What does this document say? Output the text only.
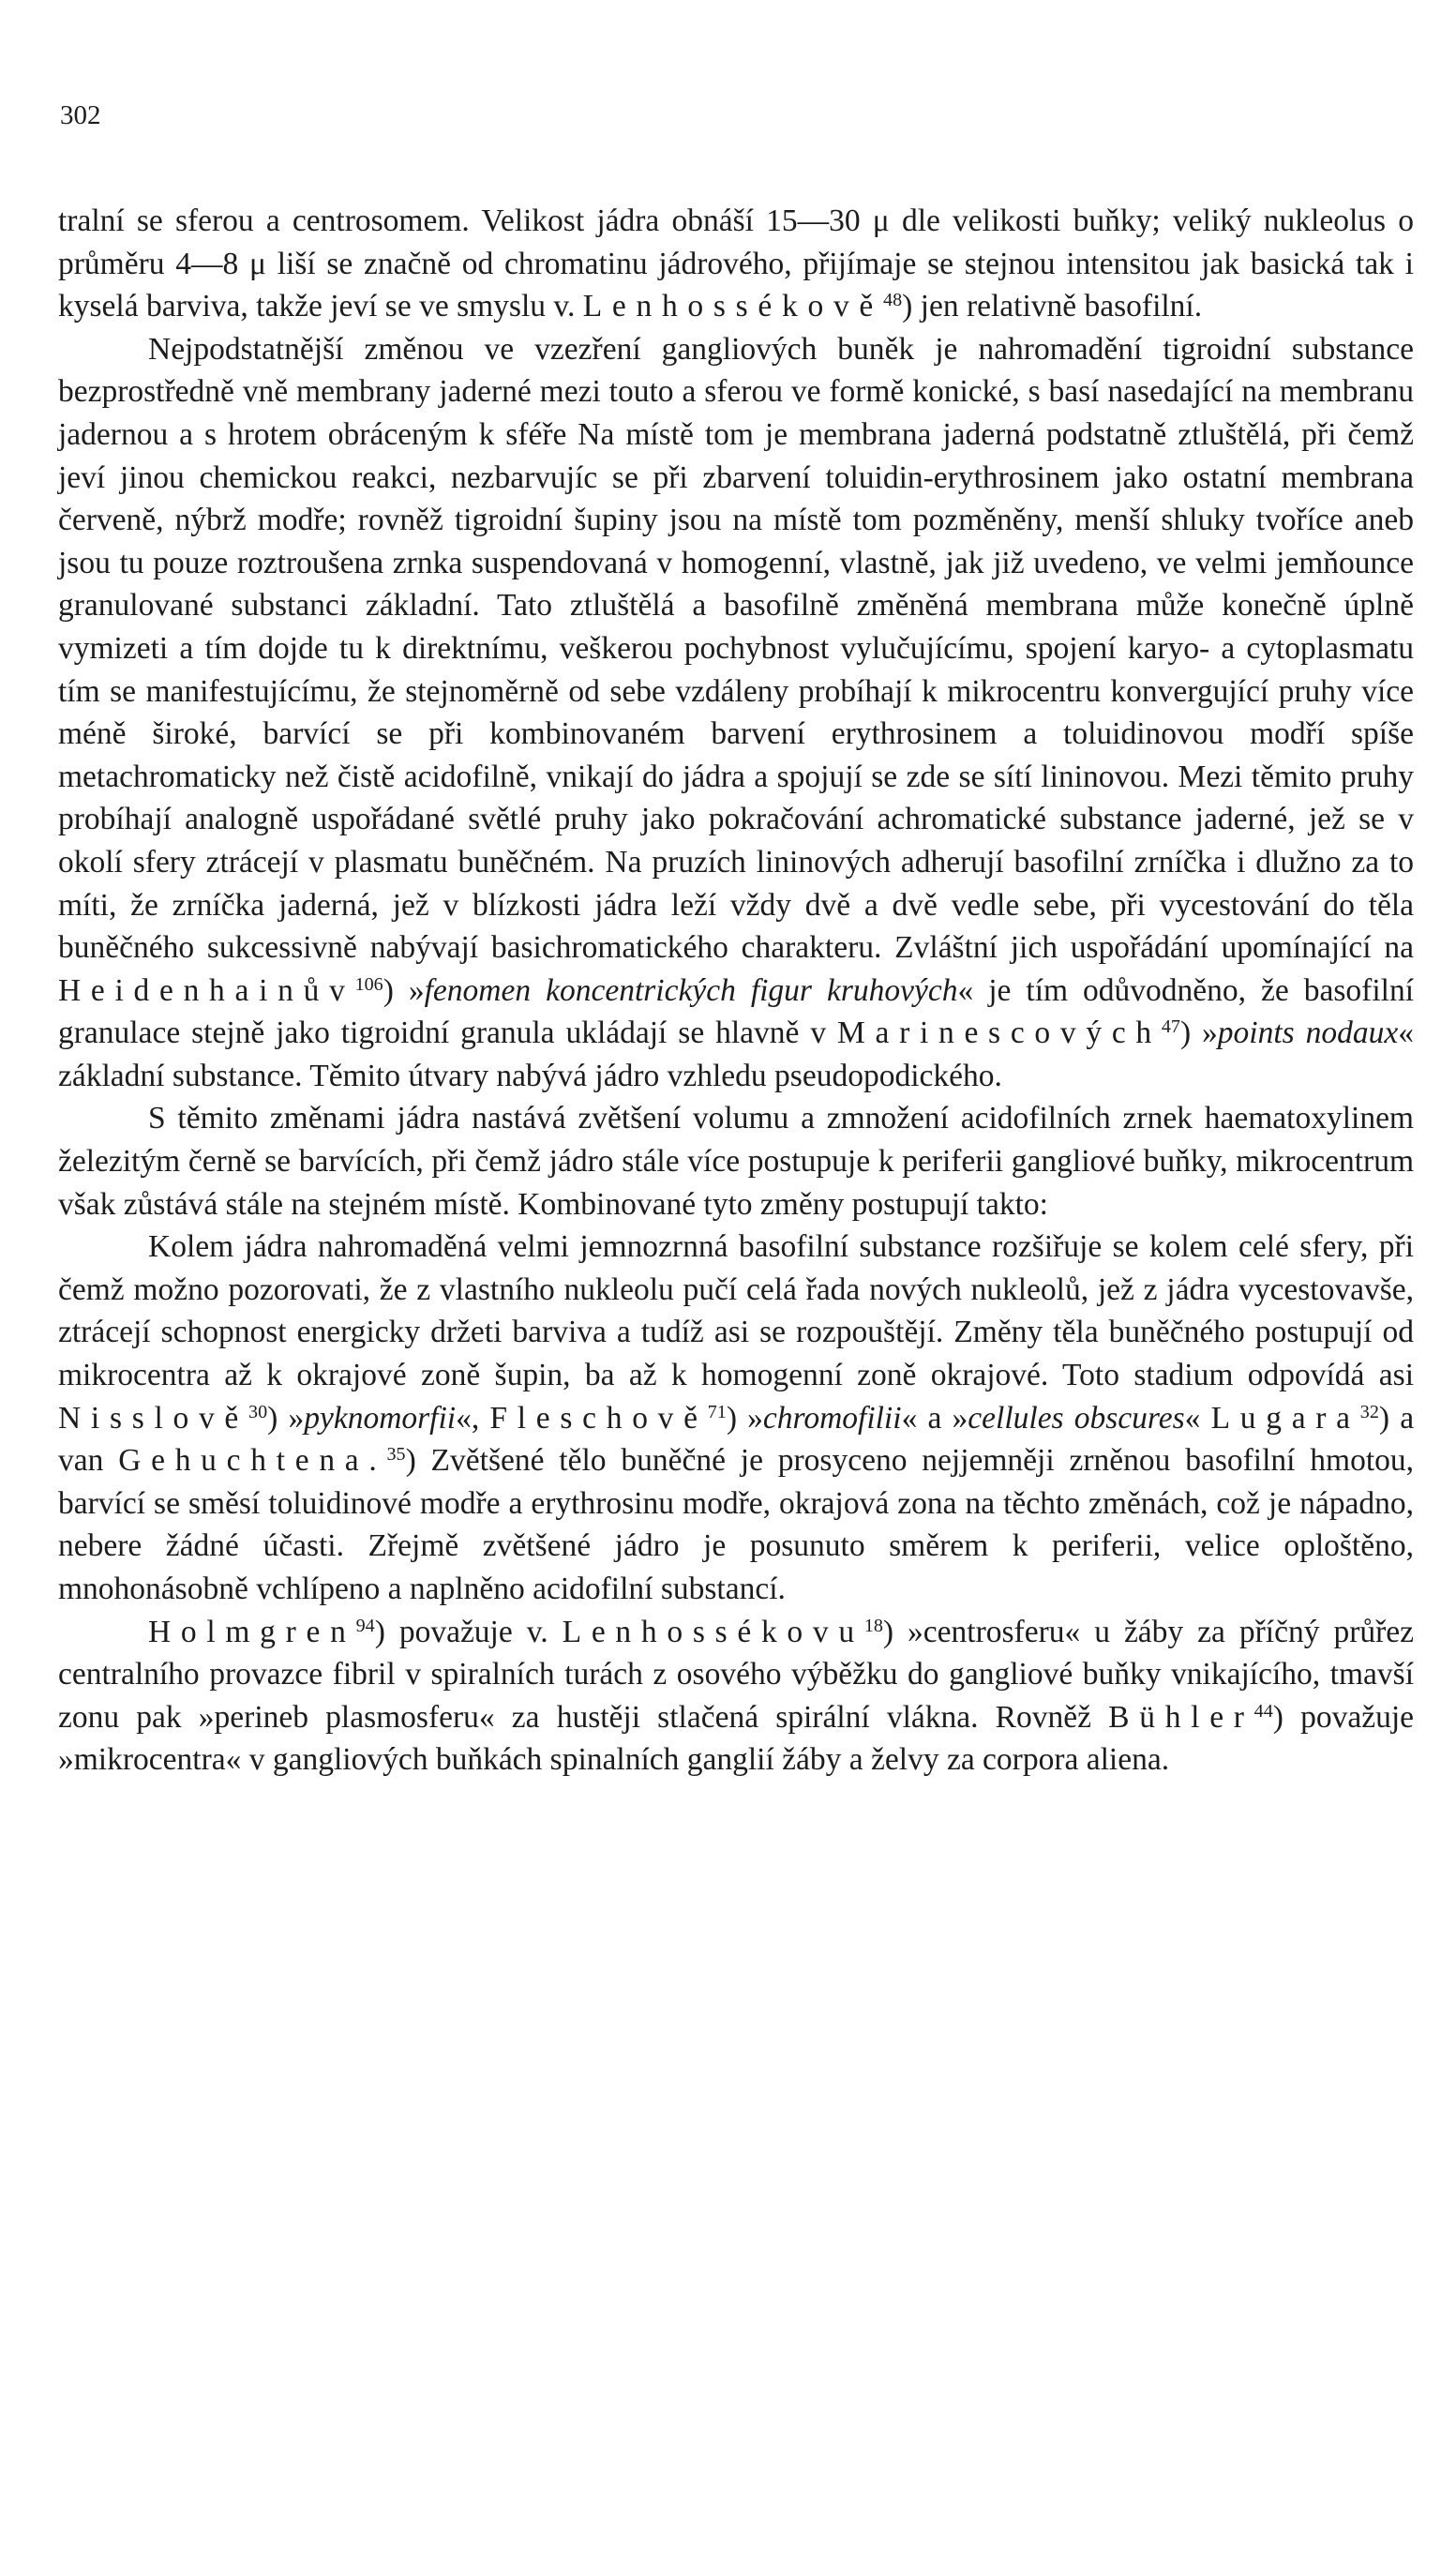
302

tralní se sferou a centrosomem. Velikost jádra obnáší 15—30 μ dle velikosti buňky; veliký nukleolus o průměru 4—8 μ liší se značně od chromatinu jádrového, přijímaje se stejnou intensitou jak basická tak i kyselá barviva, takže jeví se ve smyslu v. Lenhossékově$^{48}$) jen relativně basofilní.

Nejpodstatnější změnou ve vzezření gangliových buněk je nahromadění tigroidní substance bezprostředně vně membrany jaderné mezi touto a sferou ve formě konické, s basí nasedající na membranu jadernou a s hrotem obráceným k sféře Na místě tom je membrana jaderná podstatně ztluštělá, při čemž jeví jinou chemickou reakci, nezbarvujíc se při zbarvení toluidin-erythrosinem jako ostatní membrana červeně, nýbrž modře; rovněž tigroidní šupiny jsou na místě tom pozměněny, menší shluky tvoříce aneb jsou tu pouze roztroušena zrnka suspendovaná v homogenní, vlastně, jak již uvedeno, ve velmi jemňounce granulované substanci základní. Tato ztluštělá a basofilně změněná membrana může konečně úplně vymizeti a tím dojde tu k direktnímu, veškerou pochybnost vylučujícímu, spojení karyo- a cytoplasmatu tím se manifestujícímu, že stejnoměrně od sebe vzdáleny probíhají k mikrocentru konvergující pruhy více méně široké, barvící se při kombinovaném barvení erythrosinem a toluidinovou modří spíše metachromaticky než čistě acidofilně, vnikají do jádra a spojují se zde se sítí lininovou. Mezi těmito pruhy probíhají analogně uspořádané světlé pruhy jako pokračování achromatické substance jaderné, jež se v okolí sfery ztrácejí v plasmatu buněčném. Na pruzích lininových adherují basofilní zrníčka i dlužno za to míti, že zrníčka jaderná, jež v blízkosti jádra leží vždy dvě a dvě vedle sebe, při vycestování do těla buněčného sukcessivně nabývají basichromatického charakteru. Zvláštní jich uspořádání upomínající na Heidenhainův$^{106}$) »fenomen koncentrických figur kruhových« je tím odůvodněno, že basofilní granulace stejně jako tigroidní granula ukládají se hlavně v Marinescových$^{47}$) »points nodaux« základní substance. Těmito útvary nabývá jádro vzhledu pseudopodického.

S těmito změnami jádra nastává zvětšení volumu a zmnožení acidofilních zrnek haematoxylinem železitým černě se barvících, při čemž jádro stále více postupuje k periferii gangliové buňky, mikrocentrum však zůstává stále na stejném místě. Kombinované tyto změny postupují takto:

Kolem jádra nahromaděná velmi jemnozrnná basofilní substance rozšiřuje se kolem celé sfery, při čemž možno pozorovati, že z vlastního nukleolu pučí celá řada nových nukleolů, jež z jádra vycestovavše, ztrácejí schopnost energicky držeti barviva a tudíž asi se rozpouštějí. Změny těla buněčného postupují od mikrocentra až k okrajové zoně šupin, ba až k homogenní zoně okrajové. Toto stadium odpovídá asi Nisslově$^{30}$) »pyknomorfii«, Fleschově$^{71}$) »chromofilii« a »cellules obscures« Lugara$^{32}$) a van Gehuchtena.$^{35}$) Zvětšené tělo buněčné je prosyceno nejjemněji zrněnou basofilní hmotou, barvící se směsí toluidinové modře a erythrosinu modře, okrajová zona na těchto změnách, což je nápadno, nebere žádné účasti. Zřejmě zvětšené jádro je posunuto směrem k periferii, velice oploštěno, mnohonásobně vchlípeno a naplněno acidofilní substancí.

Holmgren$^{94}$) považuje v. Lenhossékovu$^{18}$) »centrosferu« u žáby za příčný průřez centralního provazce fibril v spiralních turách z osového výběžku do gangliové buňky vnikajícího, tmavší zonu pak »perineb plasmosferu« za hustěji stlačená spirální vlákna. Rovněž Bühler$^{44}$) považuje »mikrocentra« v gangliových buňkách spinalních ganglií žáby a želvy za corpora aliena.
